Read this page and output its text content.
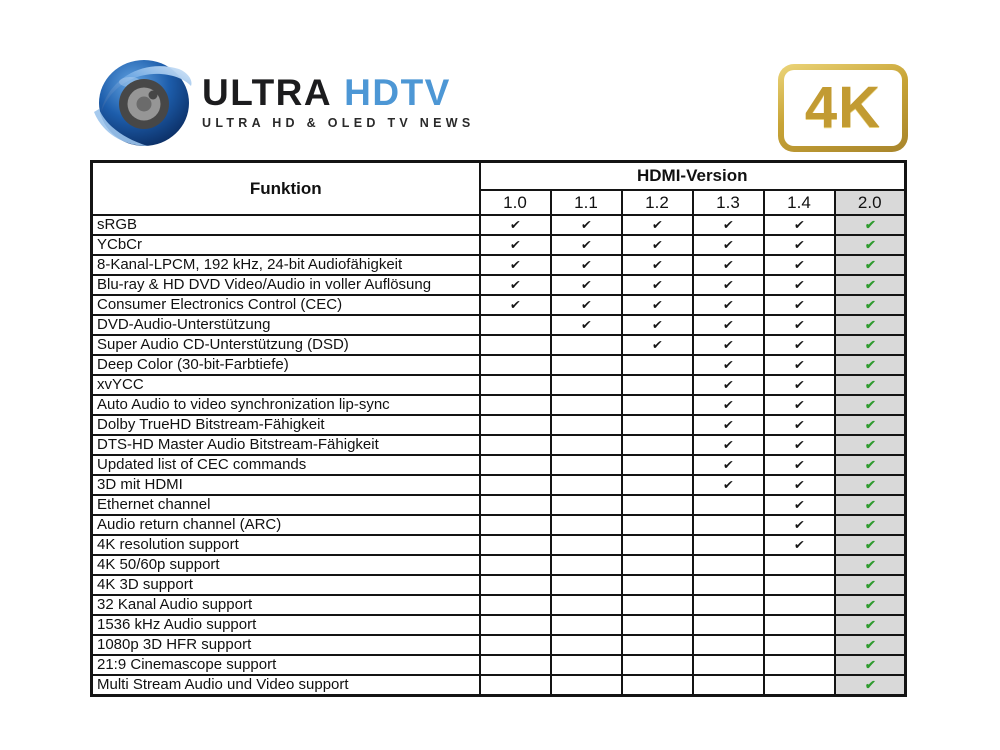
ULTRA HDTV
ULTRA HD & OLED TV NEWS	4K
Funktion	HDMI-Version					
	1.0	1.1	1.2	1.3	1.4	2.0
sRGB	✔	✔	✔	✔	✔	✔
YCbCr	✔	✔	✔	✔	✔	✔
8-Kanal-LPCM, 192 kHz, 24-bit Audiofähigkeit	✔	✔	✔	✔	✔	✔
Blu-ray & HD DVD Video/Audio in voller Auflösung	✔	✔	✔	✔	✔	✔
Consumer Electronics Control (CEC)	✔	✔	✔	✔	✔	✔
DVD-Audio-Unterstützung		✔	✔	✔	✔	✔
Super Audio CD-Unterstützung (DSD)			✔	✔	✔	✔
Deep Color (30-bit-Farbtiefe)				✔	✔	✔
xvYCC				✔	✔	✔
Auto Audio to video synchronization lip-sync				✔	✔	✔
Dolby TrueHD Bitstream-Fähigkeit				✔	✔	✔
DTS-HD Master Audio Bitstream-Fähigkeit				✔	✔	✔
Updated list of CEC commands				✔	✔	✔
3D mit HDMI				✔	✔	✔
Ethernet channel					✔	✔
Audio return channel (ARC)					✔	✔
4K resolution support					✔	✔
4K 50/60p support						✔
4K 3D support						✔
32 Kanal Audio support						✔
1536 kHz Audio support						✔
1080p 3D HFR support						✔
21:9 Cinemascope support						✔
Multi Stream Audio und Video support						✔
